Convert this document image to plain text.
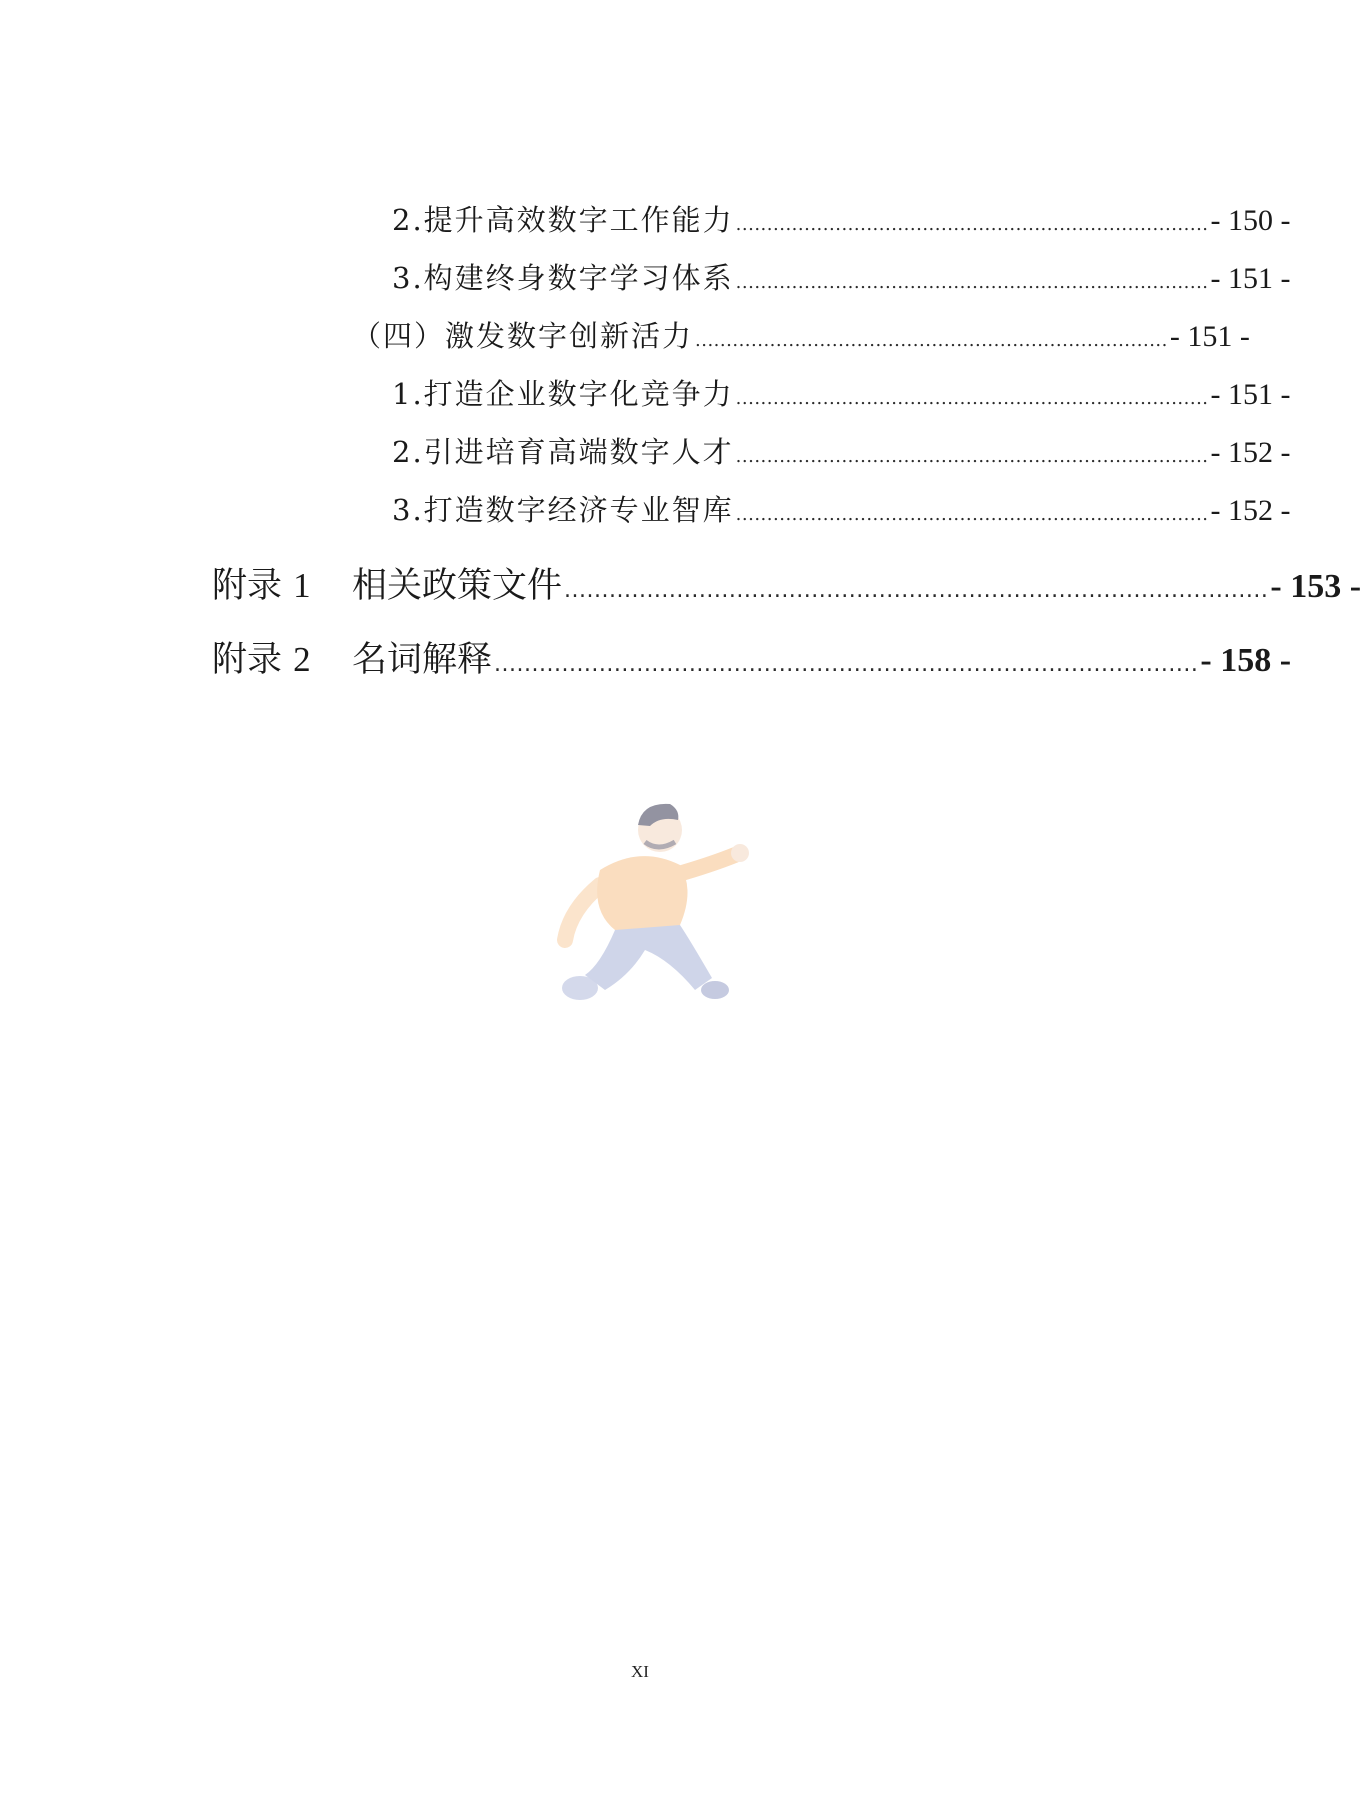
2.提升高效数字工作能力 ............................................................................ - 150 -
3.构建终身数字学习体系 ............................................................................ - 151 -
（四）激发数字创新活力 ............................................................................ - 151 -
1.打造企业数字化竞争力 ............................................................................ - 151 -
2.引进培育高端数字人才 ............................................................................ - 152 -
3.打造数字经济专业智库 ............................................................................ - 152 -
附录 1 相关政策文件 .............................................................................................. - 153 -
附录 2 名词解释 .............................................................................................. - 158 -
XI
